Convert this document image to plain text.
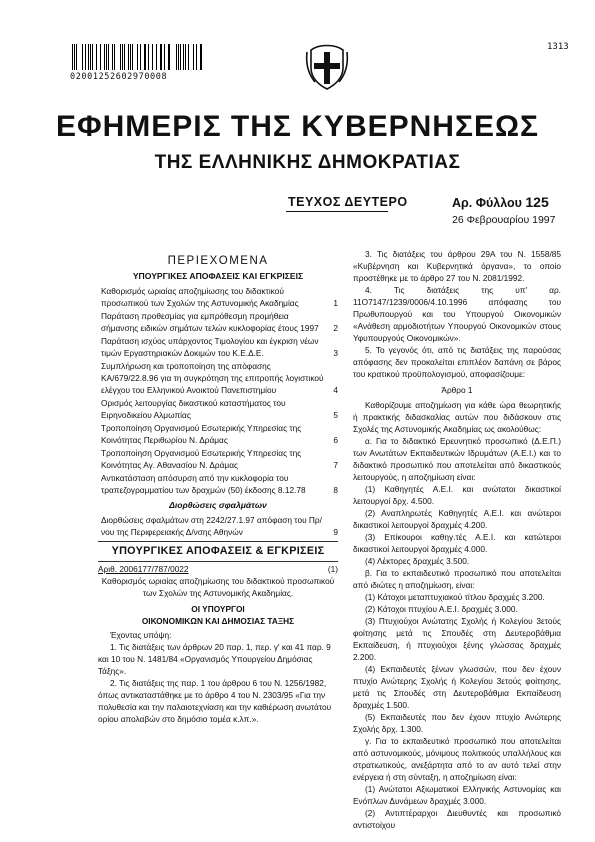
02001252602970008
1313
ΕΦΗΜΕΡΙΣ ΤΗΣ ΚΥΒΕΡΝΗΣΕΩΣ
ΤΗΣ ΕΛΛΗΝΙΚΗΣ ΔΗΜΟΚΡΑΤΙΑΣ
ΤΕΥΧΟΣ ΔΕΥΤΕΡΟ	Αρ. Φύλλου 125
26 Φεβρουαρίου 1997
ΠΕΡΙΕΧΟΜΕΝΑ
ΥΠΟΥΡΓΙΚΕΣ ΑΠΟΦΑΣΕΙΣ ΚΑΙ ΕΓΚΡΙΣΕΙΣ
Καθορισμός ωριαίας αποζημίωσης του διδακτικού προσωπικού των Σχολών της Αστυνομικής Ακαδημίας	1
Παράταση προθεσμίας για εμπρόθεσμη προμήθεια σήμανσης ειδικών σημάτων τελών κυκλοφορίας έτους 1997	2
Παράταση ισχύος υπάρχοντος Τιμολογίου και έγκριση νέων τιμών Εργαστηριακών Δοκιμών του Κ.Ε.Δ.Ε.	3
Συμπλήρωση και τροποποίηση της απόφασης ΚΑ/679/22.8.96 για τη συγκρότηση της επιτροπής λογιστικού ελέγχου του Ελληνικού Ανοικτού Πανεπιστημίου	4
Ορισμός λειτουργίας δικαστικού καταστήματος του Ειρηνοδικείου Αλμωπίας	5
Τροποποίηση Οργανισμού Εσωτερικής Υπηρεσίας της Κοινότητας Περιθωρίου Ν. Δράμας	6
Τροποποίηση Οργανισμού Εσωτερικής Υπηρεσίας της Κοινότητας Αγ. Αθανασίου Ν. Δράμας	7
Αντικατάσταση απόσυρση από την κυκλοφορία του τραπεζογραμματίου των δραχμών (50) έκδοσης 8.12.78	8
Διορθώσεις σφαλμάτων
Διορθώσεις σφαλμάτων στη 2242/27.1.97 απόφαση του Πρ/νου της Περιφερειακής Δ/νσης Αθηνών	9
ΥΠΟΥΡΓΙΚΕΣ ΑΠΟΦΑΣΕΙΣ & ΕΓΚΡΙΣΕΙΣ
Αριθ. 2006177/787/0022	(1)
Καθορισμός ωριαίας αποζημίωσης του διδακτικού προσωπικού των Σχολών της Αστυνομικής Ακαδημίας.
ΟΙ ΥΠΟΥΡΓΟΙ
ΟΙΚΟΝΟΜΙΚΩΝ ΚΑΙ ΔΗΜΟΣΙΑΣ ΤΑΞΗΣ
Έχοντας υπόψη:
1. Τις διατάξεις των άρθρων 20 παρ. 1, περ. γ' και 41 παρ. 9 και 10 του Ν. 1481/84 «Οργανισμός Υπουργείου Δημόσιας Τάξης».
2. Τις διατάξεις της παρ. 1 του άρθρου 6 του Ν. 1256/1982, όπως αντικαταστάθηκε με το άρθρο 4 του Ν. 2303/95 «Για την πολυθεσία και την παλαιοτεχνίαση και την καθιέρωση ανωτάτου ορίου απολαβών στο δημόσιο τομέα κ.λπ.».
3. Τις διατάξεις του άρθρου 29Α του Ν. 1558/85 «Κυβέρνηση και Κυβερνητικά όργανα», το οποίο προστέθηκε με το άρθρο 27 του Ν. 2081/1992.
4. Τις διατάξεις της υπ' αρ. 11Ο7147/1239/0006/4.10.1996 απόφασης του Πρωθυπουργού και του Υπουργού Οικονομικών «Ανάθεση αρμοδιοτήτων Υπουργού Οικονομικών στους Υφυπουργούς Οικονομικών».
5. Το γεγονός ότι, από τις διατάξεις της παρούσας απόφασης δεν προκαλείται επιπλέον δαπάνη σε βάρος του κρατικού προϋπολογισμού, αποφασίζουμε:
Άρθρο 1
Καθορίζουμε αποζημίωση για κάθε ώρα θεωρητικής ή πρακτικής διδασκαλίας αυτών που διδάσκουν στις Σχολές της Αστυνομικής Ακαδημίας ως ακολούθως:
α. Για το διδακτικό Ερευνητικό προσωπικό (Δ.Ε.Π.) των Ανωτάτων Εκπαιδευτικών Ιδρυμάτων (Α.Ε.Ι.) και το διδακτικό προσωπικό που αποτελείται από δικαστικούς λειτουργούς, η αποζημίωση είναι:
(1) Καθηγητές Α.Ε.Ι. και ανώτατοι δικαστικοί λειτουργοί δρχ. 4.500.
(2) Αναπληρωτές Καθηγητές Α.Ε.Ι. και ανώτεροι δικαστικοί λειτουργοί δραχμές 4.200.
(3) Επίκουροι καθηγ.τές Α.Ε.Ι. και κατώτεροι δικαστικοί λειτουργοί δραχμές 4.000.
(4) Λέκτορες δραχμές 3.500.
β. Για το εκπαιδευτικό προσωπικό που αποτελείται από ιδιώτες η αποζημίωση, είναι:
(1) Κάτοχοι μεταπτυχιακού τίτλου δραχμές 3.200.
(2) Κάτοχοι πτυχίου Α.Ε.Ι. δραχμές 3.000.
(3) Πτυχιούχοι Ανώτατης Σχολής ή Κολεγίου 3ετούς φοίτησης μετά τις Σπουδές στη Δευτεροβάθμια Εκπαίδευση, ή πτυχιούχοι ξένης γλώσσας δραχμές 2.200.
(4) Εκπαιδευτές ξένων γλωσσών, που δεν έχουν πτυχίο Ανώτερης Σχολής ή Κολεγίου 3ετούς φοίτησης, μετά τις Σπουδές στη Δευτεροβάθμια Εκπαίδευση δραχμές 1.500.
(5) Εκπαιδευτές που δεν έχουν πτυχίο Ανώτερης Σχολής δρχ. 1.300.
γ. Για το εκπαιδευτικό προσωπικό που αποτελείται από αστυνομικούς, μόνιμους πολιτικούς υπαλλήλους και στρατιωτικούς, ανεξάρτητα από το αν αυτό τελεί στην ενέργεια ή στη σύνταξη, η αποζημίωση είναι:
(1) Ανώτατοι Αξιωματικοί Ελληνικής Αστυνομίας και Ενόπλων Δυνάμεων δραχμές 3.000.
(2) Αντιπτέραρχοι Διευθυντές και προσωπικό αντιστοίχου
